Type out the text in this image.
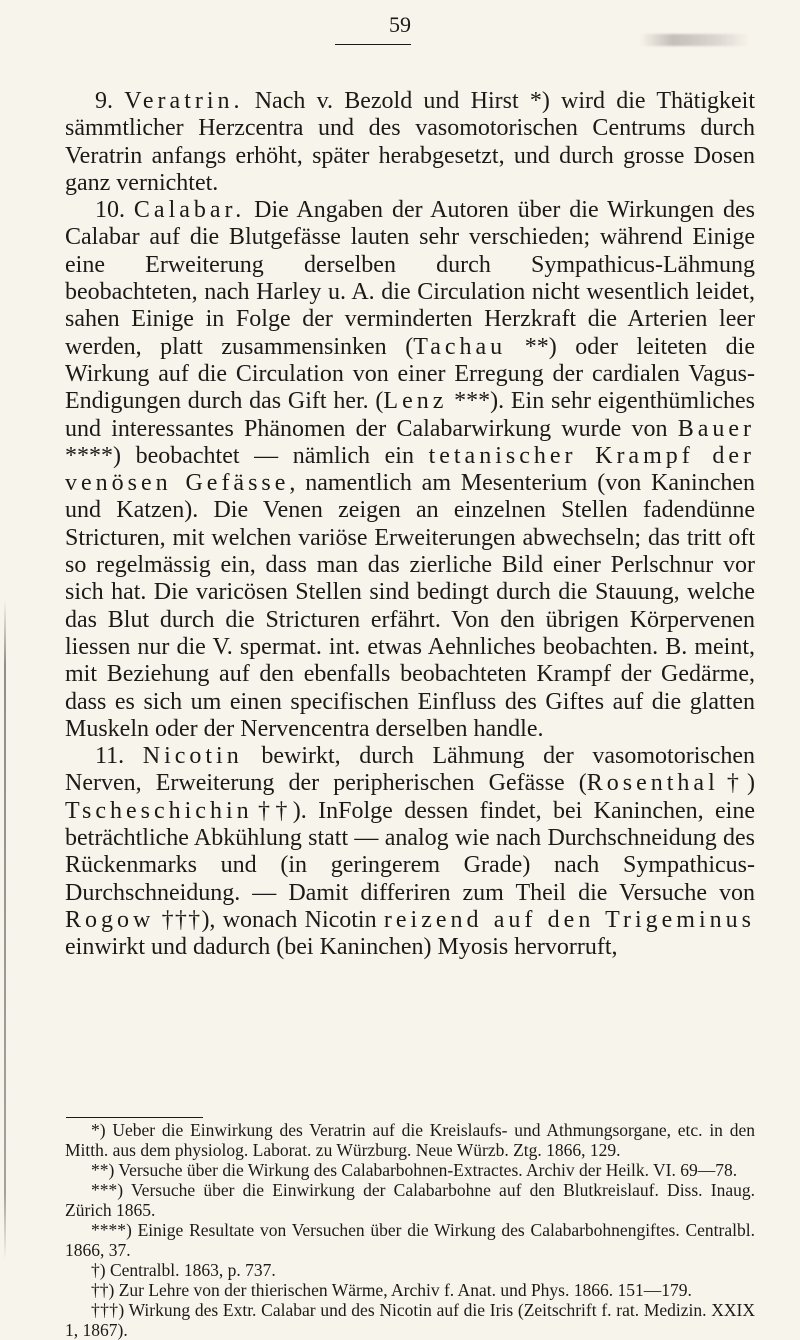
59

9. Veratrin. Nach v. Bezold und Hirst *) wird die Thätigkeit sämmtlicher Herzcentra und des vasomotorischen Centrums durch Veratrin anfangs erhöht, später herabgesetzt, und durch grosse Dosen ganz vernichtet.

10. Calabar. Die Angaben der Autoren über die Wirkungen des Calabar auf die Blutgefässe lauten sehr verschieden; während Einige eine Erweiterung derselben durch Sympathicus-Lähmung beobachteten, nach Harley u. A. die Circulation nicht wesentlich leidet, sahen Einige in Folge der verminderten Herzkraft die Arterien leer werden, platt zusammensinken (Tachau **) oder leiteten die Wirkung auf die Circulation von einer Erregung der cardialen Vagus-Endigungen durch das Gift her. (Lenz ***). Ein sehr eigenthümliches und interessantes Phänomen der Calabarwirkung wurde von Bauer ****) beobachtet — nämlich ein tetanischer Krampf der venösen Gefässe, namentlich am Mesenterium (von Kaninchen und Katzen). Die Venen zeigen an einzelnen Stellen fadendünne Stricturen, mit welchen variöse Erweiterungen abwechseln; das tritt oft so regelmässig ein, dass man das zierliche Bild einer Perlschnur vor sich hat. Die varicösen Stellen sind bedingt durch die Stauung, welche das Blut durch die Stricturen erfährt. Von den übrigen Körpervenen liessen nur die V. spermat. int. etwas Aehnliches beobachten. B. meint, mit Beziehung auf den ebenfalls beobachteten Krampf der Gedärme, dass es sich um einen specifischen Einfluss des Giftes auf die glatten Muskeln oder der Nervencentra derselben handle.

11. Nicotin bewirkt, durch Lähmung der vasomotorischen Nerven, Erweiterung der peripherischen Gefässe (Rosenthal†) Tscheschichin††). InFolge dessen findet, bei Kaninchen, eine beträchtliche Abkühlung statt — analog wie nach Durchschneidung des Rückenmarks und (in geringerem Grade) nach Sympathicus-Durchschneidung. — Damit differiren zum Theil die Versuche von Rogow †††), wonach Nicotin reizend auf den Trigeminus einwirkt und dadurch (bei Kaninchen) Myosis hervorruft,

*) Ueber die Einwirkung des Veratrin auf die Kreislaufs- und Athmungsorgane, etc. in den Mitth. aus dem physiolog. Laborat. zu Würzburg. Neue Würzb. Ztg. 1866, 129.

**) Versuche über die Wirkung des Calabarbohnen-Extractes. Archiv der Heilk. VI. 69—78.

***) Versuche über die Einwirkung der Calabarbohne auf den Blutkreislauf. Diss. Inaug. Zürich 1865.

****) Einige Resultate von Versuchen über die Wirkung des Calabarbohnengiftes. Centralbl. 1866, 37.

†) Centralbl. 1863, p. 737.

††) Zur Lehre von der thierischen Wärme, Archiv f. Anat. und Phys. 1866. 151—179.

†††) Wirkung des Extr. Calabar und des Nicotin auf die Iris (Zeitschrift f. rat. Medizin. XXIX 1, 1867).
